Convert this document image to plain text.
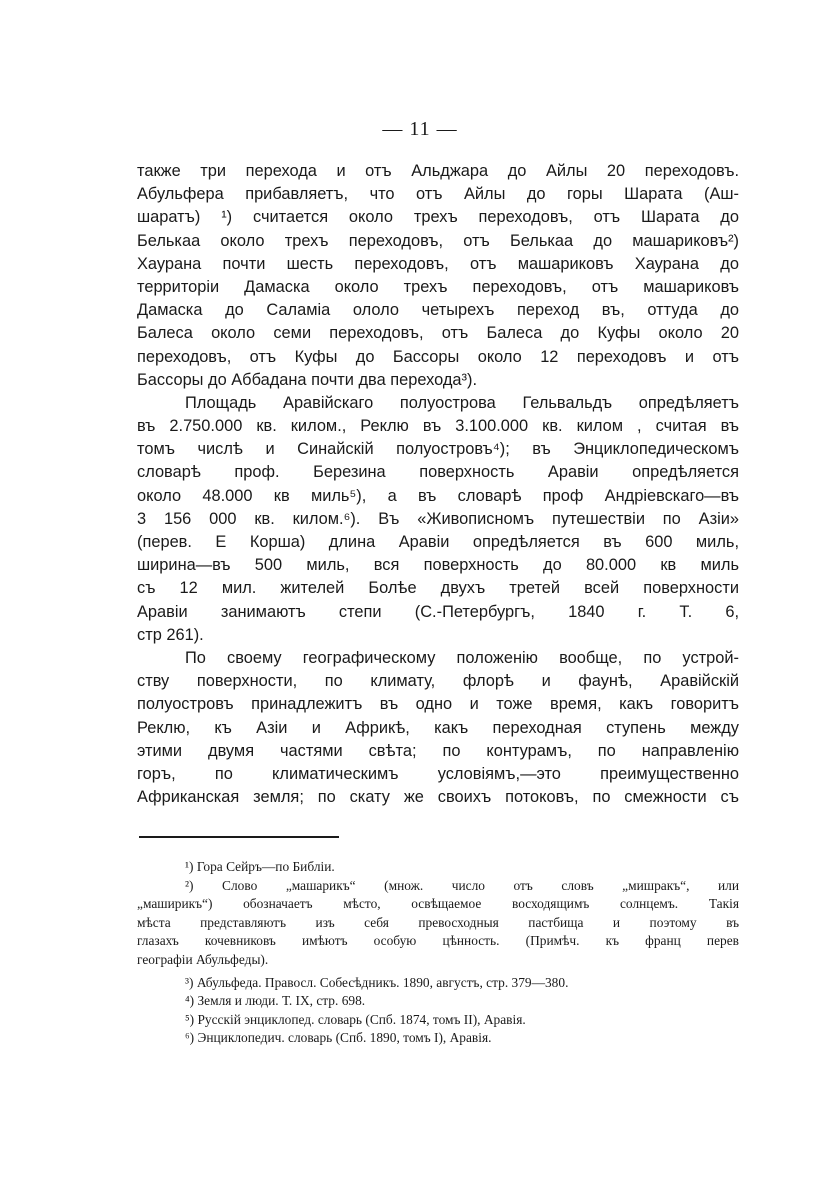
— 11 —
также три перехода и отъ Альджара до Айлы 20 переходовъ.
Абульфера прибавляетъ, что отъ Айлы до горы Шарата (Аш-
шаратъ) ¹) считается около трехъ переходовъ, отъ Шарата до
Белькаа около трехъ переходовъ, отъ Белькаа до машариковъ²)
Хаурана почти шесть переходовъ, отъ машариковъ Хаурана до
территоріи Дамаска около трехъ переходовъ, отъ машариковъ
Дамаска до Саламіа ололо четырехъ переход въ, оттуда до
Балеса около семи переходовъ, отъ Балеса до Куфы около 20
переходовъ, отъ Куфы до Бассоры около 12 переходовъ и отъ
Бассоры до Аббадана почти два перехода³).
Площадь Аравійскаго полуострова Гельвальдъ опредѣляетъ
въ 2.750.000 кв. килом., Реклю въ 3.100.000 кв. килом , считая въ
томъ числѣ и Синайскій полуостровъ⁴); въ Энциклопедическомъ
словарѣ проф. Березина поверхность Аравіи опредѣляется
около 48.000 кв миль⁵), а въ словарѣ проф Андріевскаго—въ
3 156 000 кв. килом.⁶). Въ «Живописномъ путешествіи по Азіи»
(перев. Е Корша) длина Аравіи опредѣляется въ 600 миль,
ширина—въ 500 миль, вся поверхность до 80.000 кв миль
съ 12 мил. жителей Болѣе двухъ третей всей поверхности
Аравіи занимаютъ степи (С.-Петербургъ, 1840 г. Т. 6,
стр 261).
По своему географическому положенію вообще, по устрой-
ству поверхности, по климату, флорѣ и фаунѣ, Аравійскій
полуостровъ принадлежитъ въ одно и тоже время, какъ говоритъ
Реклю, къ Азіи и Африкѣ, какъ переходная ступень между
этими двумя частями свѣта; по контурамъ, по направленію
горъ, по климатическимъ условіямъ,—это преимущественно
Африканская земля; по скату же своихъ потоковъ, по смежности съ
¹) Гора Сейръ—по Библіи.
²) Слово „машарикъ“ (множ. число отъ словъ „мишракъ“, или
„маширикъ“) обозначаетъ мѣсто, освѣщаемое восходящимъ солнцемъ. Такія
мѣста представляютъ изъ себя превосходныя пастбища и поэтому въ
глазахъ кочевниковъ имѣютъ особую цѣнность. (Примѣч. къ франц перев
географіи Абульфеды).
³) Абульфеда. Правосл. Собесѣдникъ. 1890, августъ, стр. 379—380.
⁴) Земля и люди. Т. IX, стр. 698.
⁵) Русскій энциклопед. словарь (Спб. 1874, томъ II), Аравія.
⁶) Энциклопедич. словарь (Спб. 1890, томъ I), Аравія.
